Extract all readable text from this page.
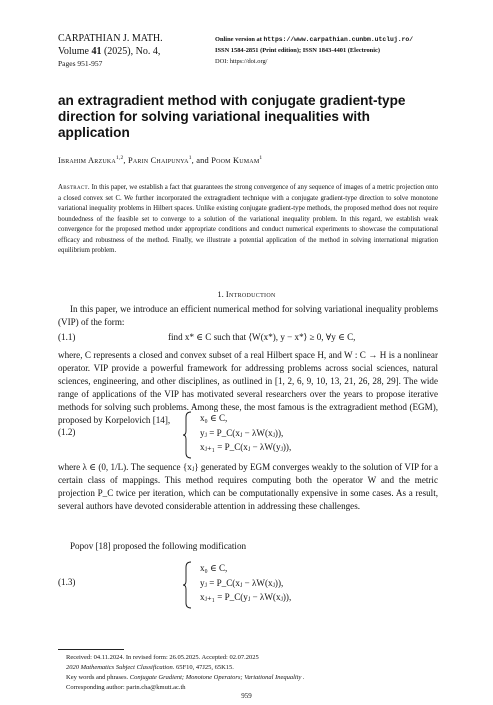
CARPATHIAN J. MATH.
Volume 41 (2025), No. 4,
Pages 951-957
Online version at https://www.carpathian.cunbm.utcluj.ro/
ISSN 1584-2851 (Print edition); ISSN 1843-4401 (Electronic)
DOI: https://doi.org/
an extragradient method with conjugate gradient-type direction for solving variational inequalities with application
Ibrahim Arzuka$^{1,2}$, Parin Chaipunya$^1$, and Poom Kumam$^1$
Abstract. In this paper, we establish a fact that guarantees the strong convergence of any sequence of images of a metric projection onto a closed convex set C. We further incorporated the extragradient technique with a conjugate gradient-type direction to solve monotone variational inequality problems in Hilbert spaces. Unlike existing conjugate gradient-type methods, the proposed method does not require boundedness of the feasible set to converge to a solution of the variational inequality problem. In this regard, we establish weak convergence for the proposed method under appropriate conditions and conduct numerical experiments to showcase the computational efficacy and robustness of the method. Finally, we illustrate a potential application of the method in solving international migration equilibrium problem.
1. Introduction
In this paper, we introduce an efficient numerical method for solving variational inequality problems (VIP) of the form:
(1.1)	find x* ∈ C such that ⟨W(x*), y − x*⟩ ≥ 0, ∀y ∈ C,
where, C represents a closed and convex subset of a real Hilbert space H, and W : C → H is a nonlinear operator. VIP provide a powerful framework for addressing problems across social sciences, natural sciences, engineering, and other disciplines, as outlined in [1, 2, 6, 9, 10, 13, 21, 26, 28, 29]. The wide range of applications of the VIP has motivated several researchers over the years to propose iterative methods for solving such problems. Among these, the most famous is the extragradient method (EGM), proposed by Korpelovich [14],
(1.2)
x₀ ∈ C,
yⱼ = P_C(xⱼ − λW(xⱼ)),
xⱼ₊₁ = P_C(xⱼ − λW(yⱼ)),
where λ ∈ (0, 1/L). The sequence {xⱼ} generated by EGM converges weakly to the solution of VIP for a certain class of mappings. This method requires computing both the operator W and the metric projection P_C twice per iteration, which can be computationally expensive in some cases. As a result, several authors have devoted considerable attention in addressing these challenges.
Popov [18] proposed the following modification
(1.3)
x₀ ∈ C,
yⱼ = P_C(xⱼ − λW(xⱼ)),
xⱼ₊₁ = P_C(yⱼ − λW(xⱼ)),
Received: 04.11.2024. In revised form: 26.05.2025. Accepted: 02.07.2025
2020 Mathematics Subject Classification. 65F10, 47J25, 65K15.
Key words and phrases. Conjugate Gradient; Monotone Operators; Variational Inequality .
Corresponding author: parin.cha@kmutt.ac.th
959
